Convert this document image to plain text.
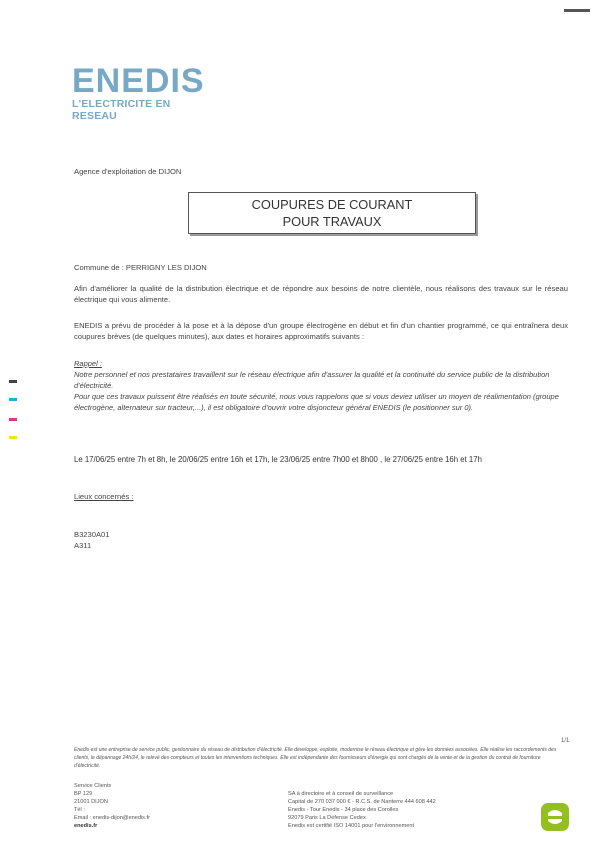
ENEDIS
L'ELECTRICITE EN RESEAU
Agence d'exploitation de DIJON
COUPURES DE COURANT
POUR TRAVAUX
Commune de : PERRIGNY LES DIJON
Afin d'améliorer la qualité de la distribution électrique et de répondre aux besoins de notre clientèle, nous réalisons des travaux sur le réseau électrique qui vous alimente.
ENEDIS a prévu de procéder à la pose et à la dépose d'un groupe électrogène en début et fin d'un chantier programmé, ce qui entraînera deux coupures brèves (de quelques minutes), aux dates et horaires approximatifs suivants :
Rappel :
Notre personnel et nos prestataires travaillent sur le réseau électrique afin d'assurer la qualité et la continuité du service public de la distribution d'électricité.
Pour que ces travaux puissent être réalisés en toute sécurité, nous vous rappelons que si vous deviez utiliser un moyen de réalimentation (groupe électrogène, alternateur sur tracteur,...), il est obligatoire d'ouvrir votre disjoncteur général ENEDIS (le positionner sur 0).
Le 17/06/25 entre 7h et 8h, le 20/06/25 entre 16h et 17h, le 23/06/25 entre 7h00 et 8h00 , le 27/06/25 entre 16h et 17h
Lieux concernés :
B3230A01
A311
1/1
Enedis est une entreprise de service public, gestionnaire du réseau de distribution d'électricité. Elle développe, exploite, modernise le réseau électrique et gère les données associées. Elle réalise les raccordements des clients, le dépannage 24h/24, le relevé des compteurs et toutes les interventions techniques. Elle est indépendante des fournisseurs d'énergie qui sont chargés de la vente et de la gestion du contrat de fourniture d'électricité.
Service Clients
BP 129
21001 DIJON
Tél :
Email : enedis-dijon@enedis.fr
enedis.fr
SA à directoire et à conseil de surveillance
Capital de 270 037 000 € - R.C.S. de Nanterre 444 608 442
Enedis - Tour Enedis - 34 place des Corolles
92079 Paris La Défense Cedex
Enedis est certifié ISO 14001 pour l'environnement
